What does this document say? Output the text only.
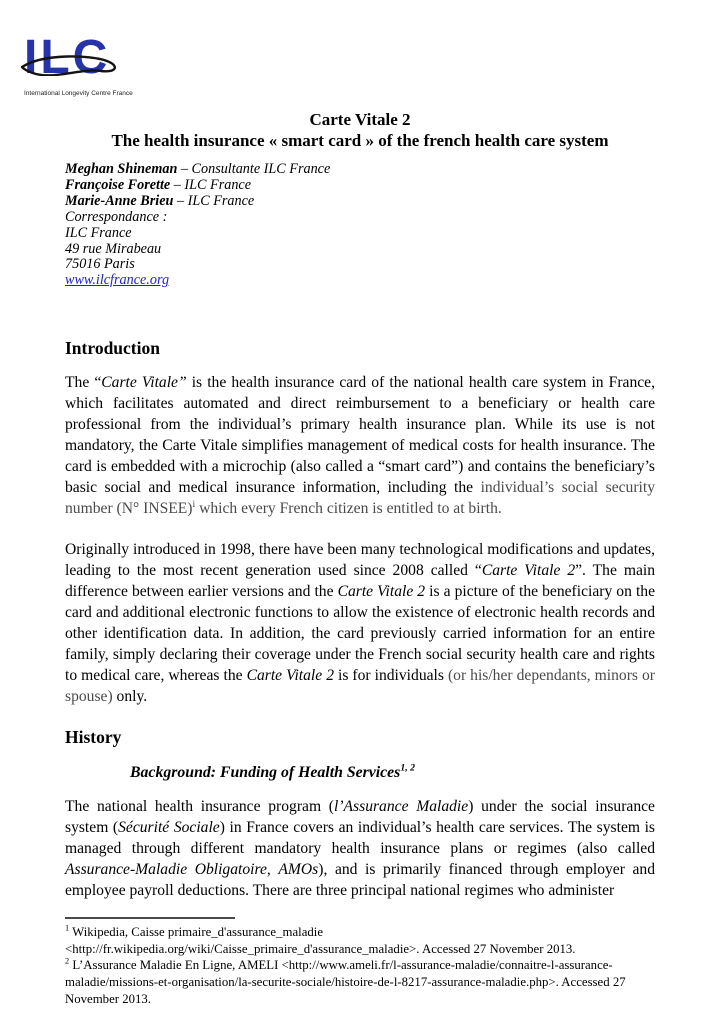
ILC
International Longevity Centre France
Carte Vitale 2
The health insurance « smart card » of the french health care system
Meghan Shineman – Consultante ILC France
Françoise Forette – ILC France
Marie-Anne Brieu – ILC France
Correspondance :
ILC France
49 rue Mirabeau
75016 Paris
www.ilcfrance.org
Introduction
The “Carte Vitale” is the health insurance card of the national health care system in France, which facilitates automated and direct reimbursement to a beneficiary or health care professional from the individual’s primary health insurance plan. While its use is not mandatory, the Carte Vitale simplifies management of medical costs for health insurance. The card is embedded with a microchip (also called a “smart card”) and contains the beneficiary’s basic social and medical insurance information, including the individual’s social security number (N° INSEE)$^i$ which every French citizen is entitled to at birth.
Originally introduced in 1998, there have been many technological modifications and updates, leading to the most recent generation used since 2008 called “Carte Vitale 2”. The main difference between earlier versions and the Carte Vitale 2 is a picture of the beneficiary on the card and additional electronic functions to allow the existence of electronic health records and other identification data. In addition, the card previously carried information for an entire family, simply declaring their coverage under the French social security health care and rights to medical care, whereas the Carte Vitale 2 is for individuals (or his/her dependants, minors or spouse) only.
History
Background: Funding of Health Services$^{1, 2}$
The national health insurance program (l’Assurance Maladie) under the social insurance system (Sécurité Sociale) in France covers an individual’s health care services. The system is managed through different mandatory health insurance plans or regimes (also called Assurance-Maladie Obligatoire, AMOs), and is primarily financed through employer and employee payroll deductions. There are three principal national regimes who administer
$^1$ Wikipedia, Caisse primaire_d'assurance_maladie
<http://fr.wikipedia.org/wiki/Caisse_primaire_d'assurance_maladie>. Accessed 27 November 2013.
$^2$ L’Assurance Maladie En Ligne, AMELI <http://www.ameli.fr/l-assurance-maladie/connaitre-l-assurance-maladie/missions-et-organisation/la-securite-sociale/histoire-de-l-8217-assurance-maladie.php>. Accessed 27 November 2013.
